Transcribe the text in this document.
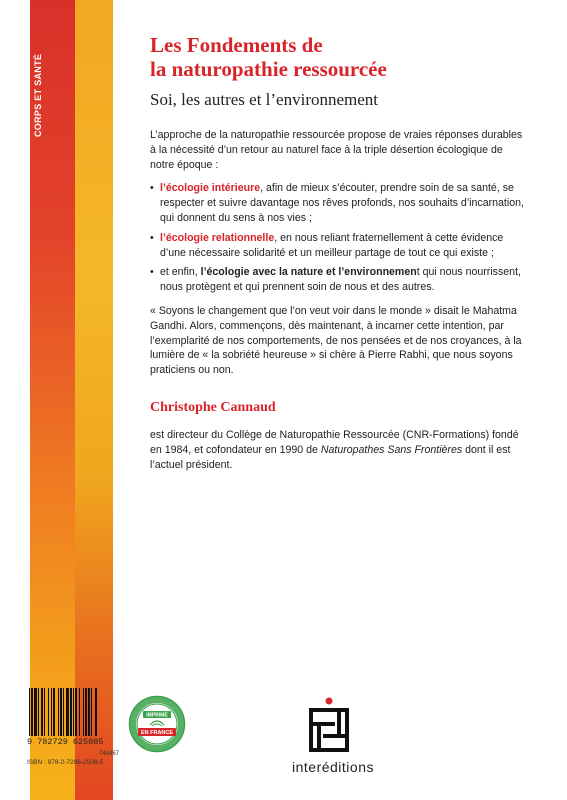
CORPS ET SANTÉ
Les Fondements de
la naturopathie ressourcée
Soi, les autres et l’environnement

L’approche de la naturopathie ressourcée propose de vraies réponses durables à la nécessité d’un retour au naturel face à la triple désertion écologique de notre époque :

• l’écologie intérieure, afin de mieux s’écouter, prendre soin de sa santé, se respecter et suivre davantage nos rêves profonds, nos souhaits d’incarnation, qui donnent du sens à nos vies ;
• l’écologie relationnelle, en nous reliant fraternellement à cette évidence d’une nécessaire solidarité et un meilleur partage de tout ce qui existe ;
• et enfin, l’écologie avec la nature et l’environnement qui nous nourrissent, nous protègent et qui prennent soin de nous et des autres.

« Soyons le changement que l’on veut voir dans le monde » disait le Mahatma Gandhi. Alors, commençons, dès maintenant, à incarner cette intention, par l’exemplarité de nos comportements, de nos pensées et de nos croyances, à la lumière de « la sobriété heureuse » si chère à Pierre Rabhi, que nous soyons praticiens ou non.

Christophe Cannaud
est directeur du Collège de Naturopathie Ressourcée (CNR-Formations) fondé en 1984, et cofondateur en 1990 de Naturopathes Sans Frontières dont il est l’actuel président.
9 782729 625085
740467
ISBN : 978-2-7296-2508-5
IMPRIMÉ
EN FRANCE
interéditions
